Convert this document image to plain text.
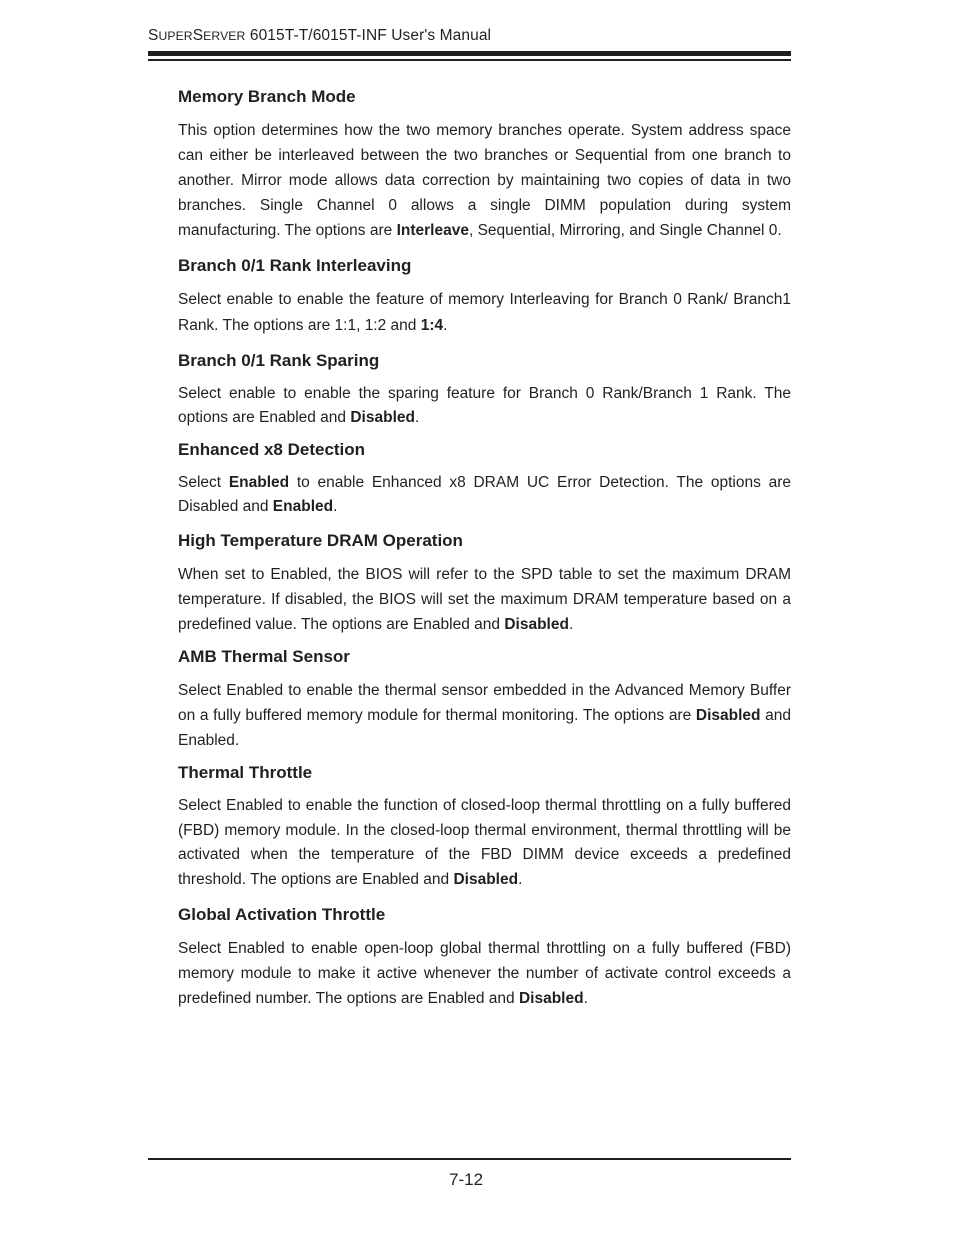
SUPERSERVER 6015T-T/6015T-INF User's Manual

Memory Branch Mode

This option determines how the two memory branches operate. System address space can either be interleaved between the two branches or Sequential from one branch to another. Mirror mode allows data correction by maintaining two copies of data in two branches. Single Channel 0 allows a single DIMM population during system manufacturing. The options are Interleave, Sequential, Mirroring, and Single Channel 0.

Branch 0/1 Rank Interleaving

Select enable to enable the feature of memory Interleaving for Branch 0 Rank/ Branch1 Rank. The options are 1:1, 1:2 and 1:4.

Branch 0/1 Rank Sparing

Select enable to enable the sparing feature for Branch 0 Rank/Branch 1 Rank. The options are Enabled and Disabled.

Enhanced x8 Detection

Select Enabled to enable Enhanced x8 DRAM UC Error Detection. The options are Disabled and Enabled.

High Temperature DRAM Operation

When set to Enabled, the BIOS will refer to the SPD table to set the maximum DRAM temperature. If disabled, the BIOS will set the maximum DRAM temperature based on a predefined value. The options are Enabled and Disabled.

AMB Thermal Sensor

Select Enabled to enable the thermal sensor embedded in the Advanced Memory Buffer on a fully buffered memory module for thermal monitoring. The options are Disabled and Enabled.

Thermal Throttle

Select Enabled to enable the function of closed-loop thermal throttling on a fully buffered (FBD) memory module. In the closed-loop thermal environment, thermal throttling will be activated when the temperature of the FBD DIMM device exceeds a predefined threshold. The options are Enabled and Disabled.

Global Activation Throttle

Select Enabled to enable open-loop global thermal throttling on a fully buffered (FBD) memory module to make it active whenever the number of activate control exceeds a predefined number. The options are Enabled and Disabled.

7-12
